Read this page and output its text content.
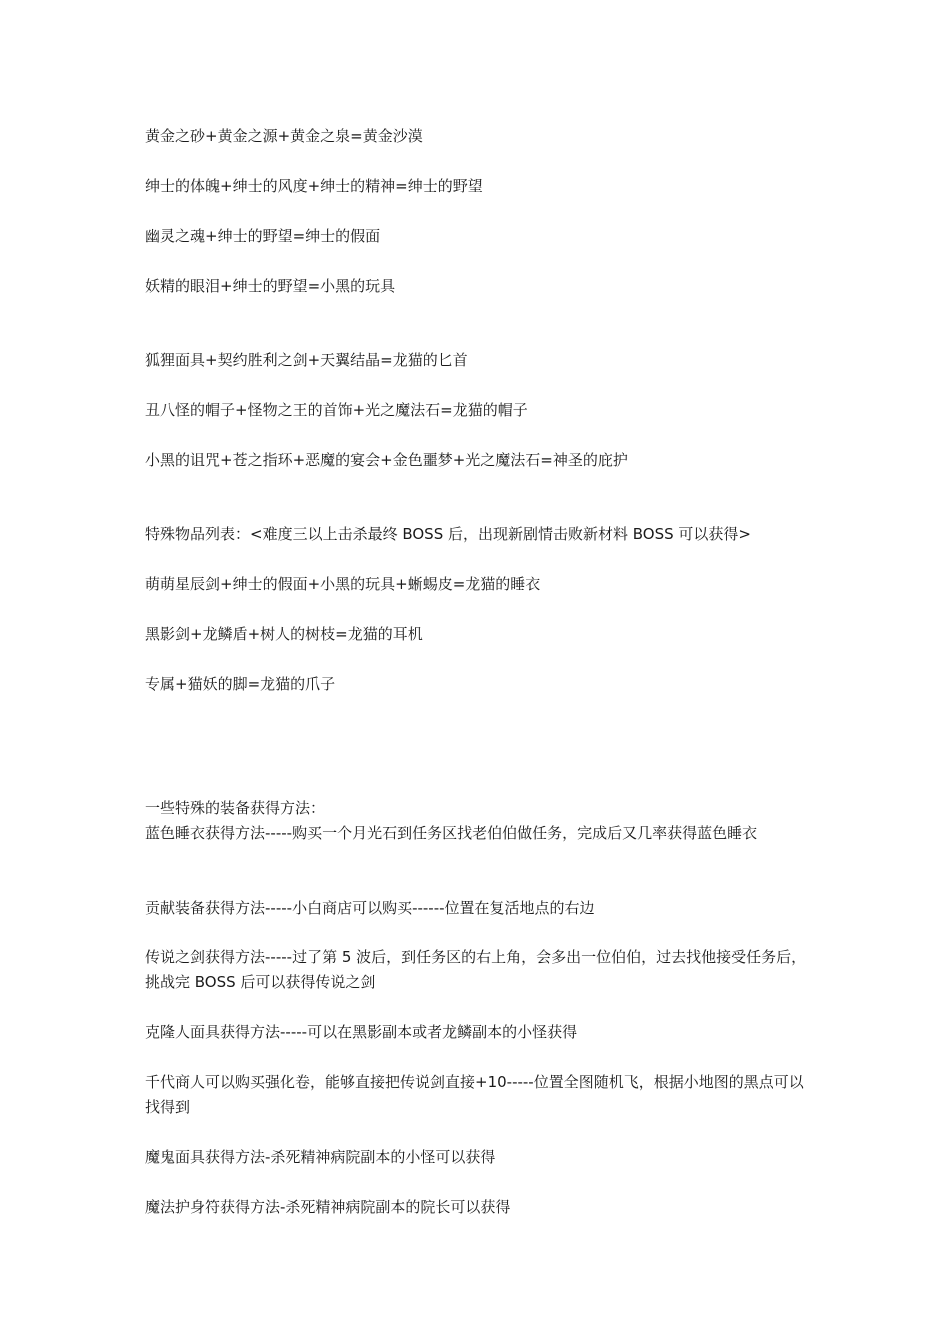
黄金之砂+黄金之源+黄金之泉=黄金沙漠
绅士的体魄+绅士的风度+绅士的精神=绅士的野望
幽灵之魂+绅士的野望=绅士的假面
妖精的眼泪+绅士的野望=小黑的玩具
狐狸面具+契约胜利之剑+天翼结晶=龙猫的匕首
丑八怪的帽子+怪物之王的首饰+光之魔法石=龙猫的帽子
小黑的诅咒+苍之指环+恶魔的宴会+金色噩梦+光之魔法石=神圣的庇护
特殊物品列表：<难度三以上击杀最终 BOSS 后，出现新剧情击败新材料 BOSS 可以获得>
萌萌星辰剑+绅士的假面+小黑的玩具+蜥蜴皮=龙猫的睡衣
黑影剑+龙鳞盾+树人的树枝=龙猫的耳机
专属+猫妖的脚=龙猫的爪子
一些特殊的装备获得方法：
蓝色睡衣获得方法-----购买一个月光石到任务区找老伯伯做任务，完成后又几率获得蓝色睡衣
贡献装备获得方法-----小白商店可以购买------位置在复活地点的右边
传说之剑获得方法-----过了第 5 波后，到任务区的右上角，会多出一位伯伯，过去找他接受任务后，挑战完 BOSS 后可以获得传说之剑
克隆人面具获得方法-----可以在黑影副本或者龙鳞副本的小怪获得
千代商人可以购买强化卷，能够直接把传说剑直接+10-----位置全图随机飞，根据小地图的黑点可以找得到
魔鬼面具获得方法-杀死精神病院副本的小怪可以获得
魔法护身符获得方法-杀死精神病院副本的院长可以获得
